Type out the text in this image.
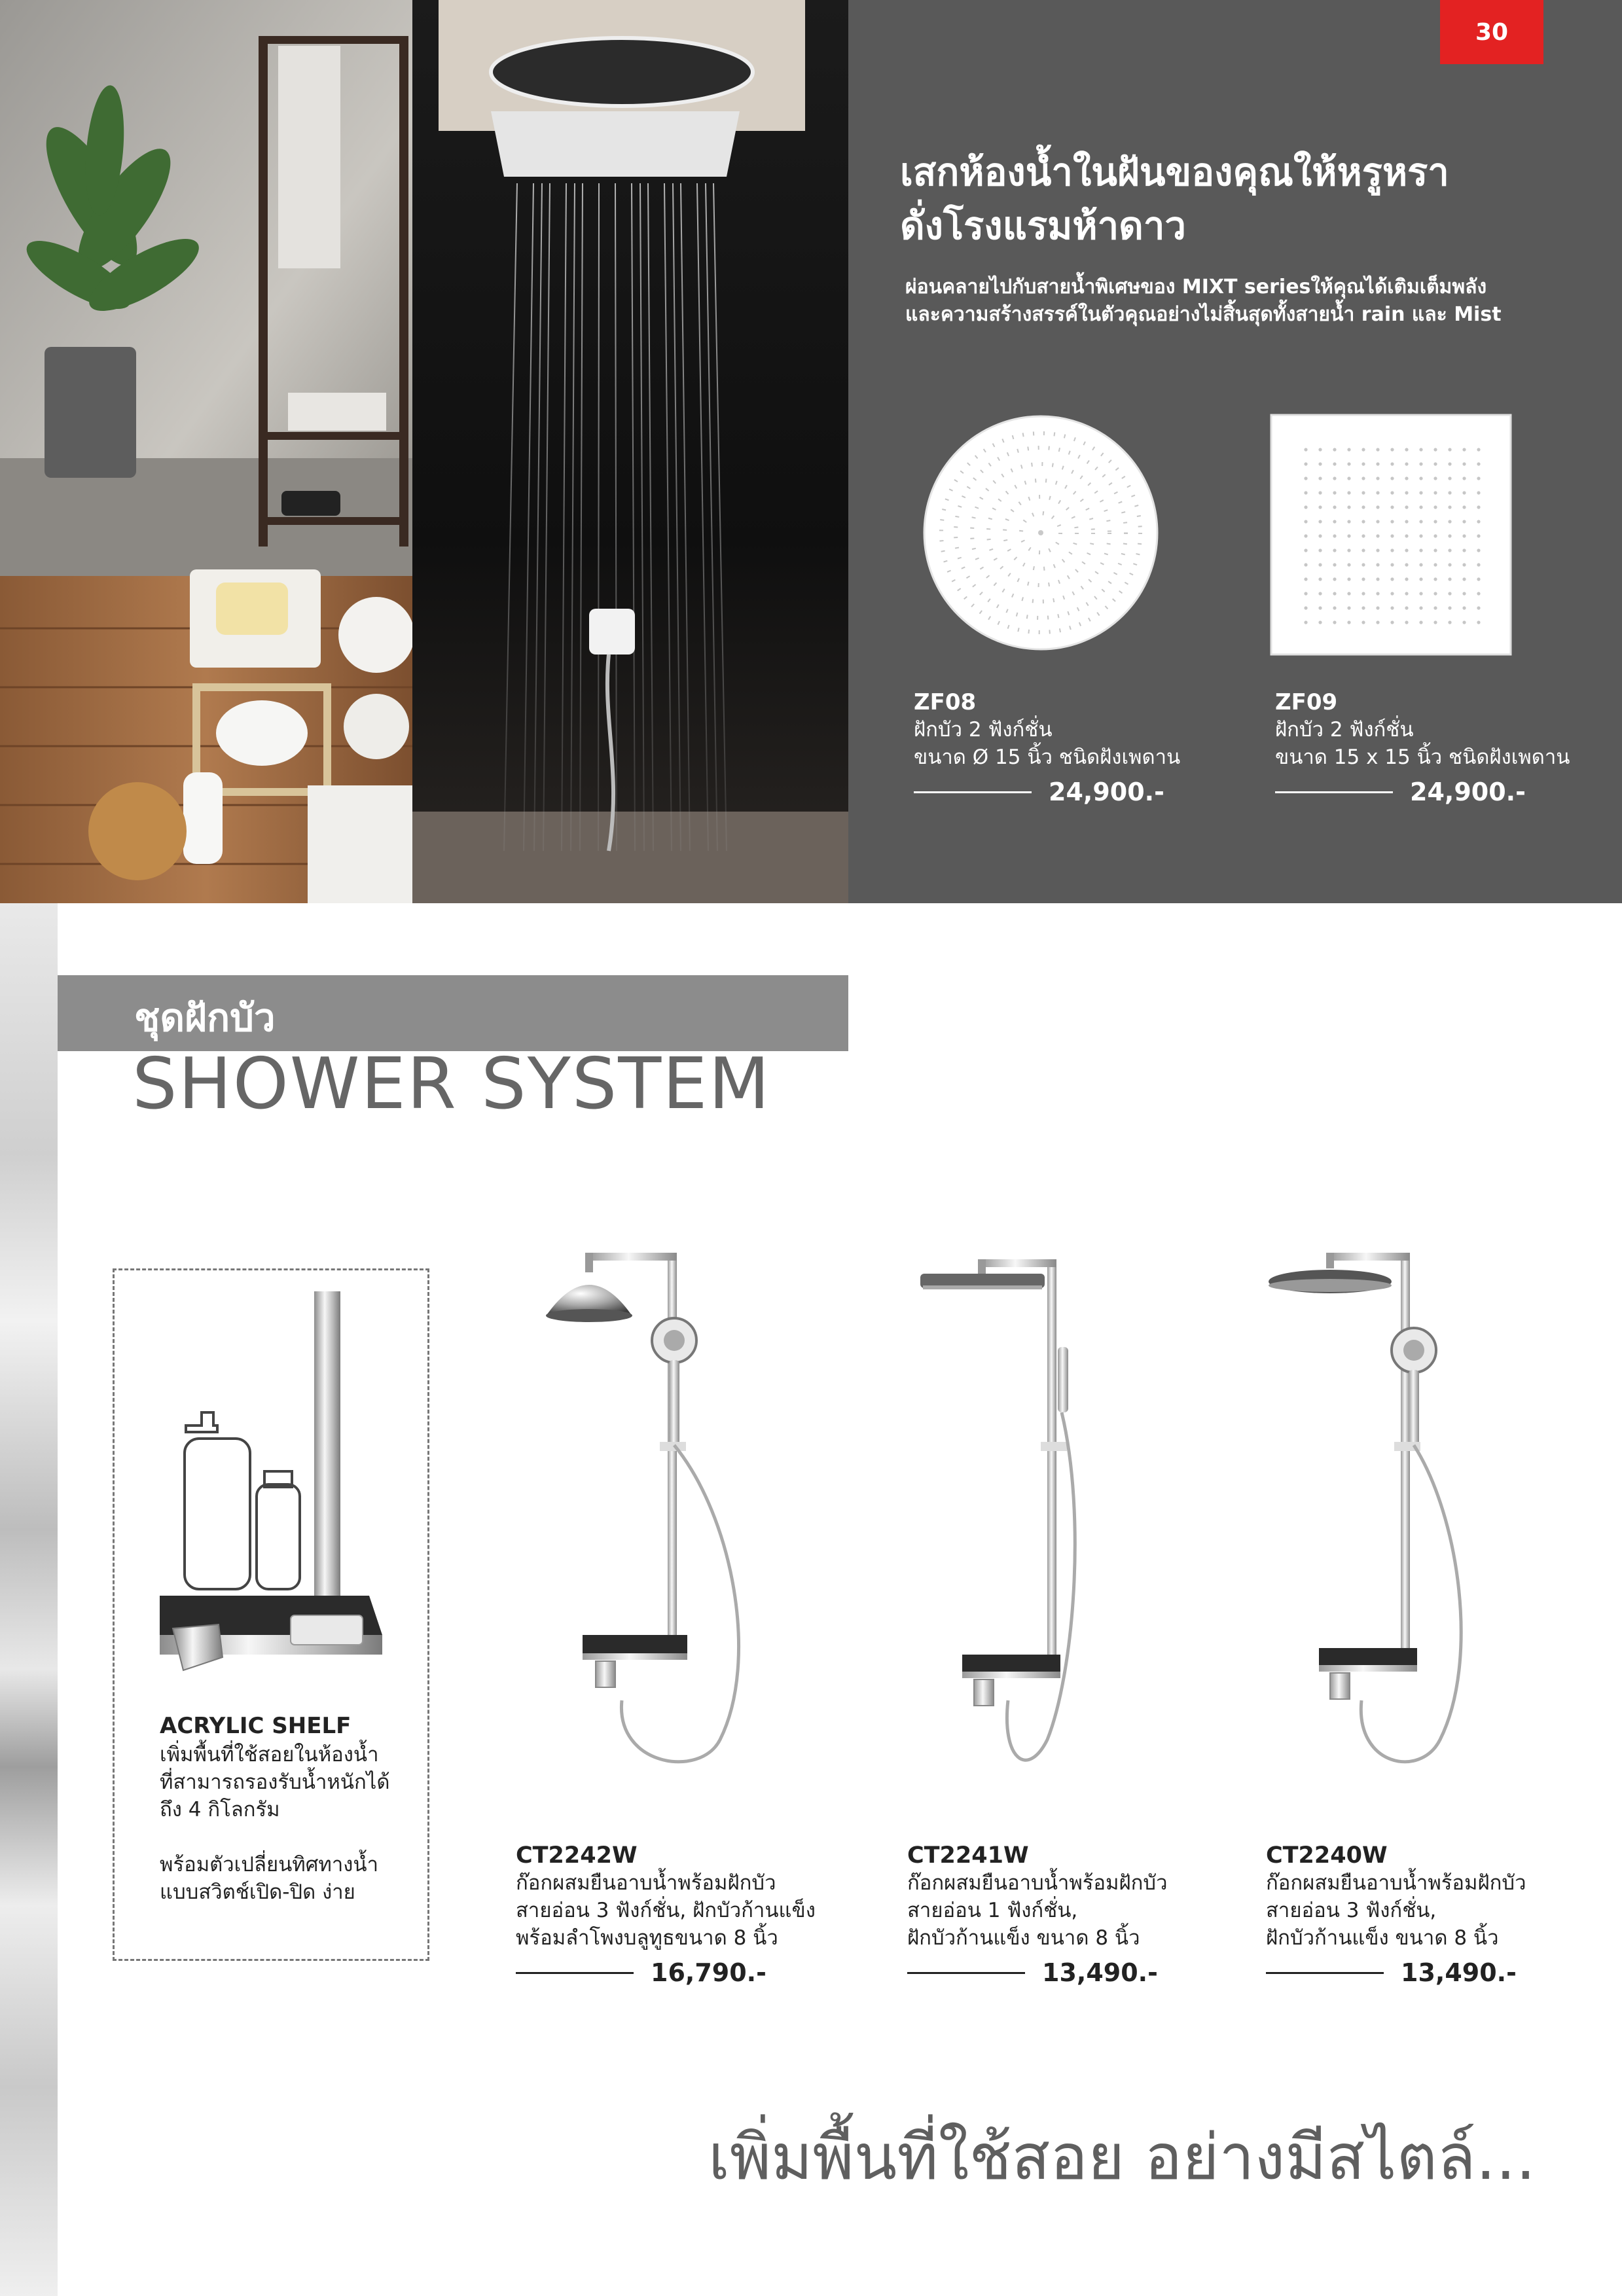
30
เสกห้องน้ำในฝันของคุณให้หรูหรา
ดั่งโรงแรมห้าดาว
ผ่อนคลายไปกับสายน้ำพิเศษของ MIXT seriesให้คุณได้เติมเต็มพลัง
และความสร้างสรรค์ในตัวคุณอย่างไม่สิ้นสุดทั้งสายน้ำ rain และ Mist
ZF08
ฝักบัว 2 ฟังก์ชั่น
ขนาด Ø 15 นิ้ว ชนิดฝังเพดาน
24,900.-
ZF09
ฝักบัว 2 ฟังก์ชั่น
ขนาด 15 x 15 นิ้ว ชนิดฝังเพดาน
24,900.-
ชุดฝักบัว
SHOWER SYSTEM
ACRYLIC SHELF
เพิ่มพื้นที่ใช้สอยในห้องน้ำ
ที่สามารถรองรับน้ำหนักได้
ถึง 4 กิโลกรัม
พร้อมตัวเปลี่ยนทิศทางน้ำ
แบบสวิตช์เปิด-ปิด ง่าย
CT2242W
ก๊อกผสมยืนอาบน้ำพร้อมฝักบัว
สายอ่อน 3 ฟังก์ชั่น, ฝักบัวก้านแข็ง
พร้อมลำโพงบลูทูธขนาด 8 นิ้ว
16,790.-
CT2241W
ก๊อกผสมยืนอาบน้ำพร้อมฝักบัว
สายอ่อน 1 ฟังก์ชั่น,
ฝักบัวก้านแข็ง ขนาด 8 นิ้ว
13,490.-
CT2240W
ก๊อกผสมยืนอาบน้ำพร้อมฝักบัว
สายอ่อน 3 ฟังก์ชั่น,
ฝักบัวก้านแข็ง ขนาด 8 นิ้ว
13,490.-
เพิ่มพื้นที่ใช้สอย อย่างมีสไตล์...
